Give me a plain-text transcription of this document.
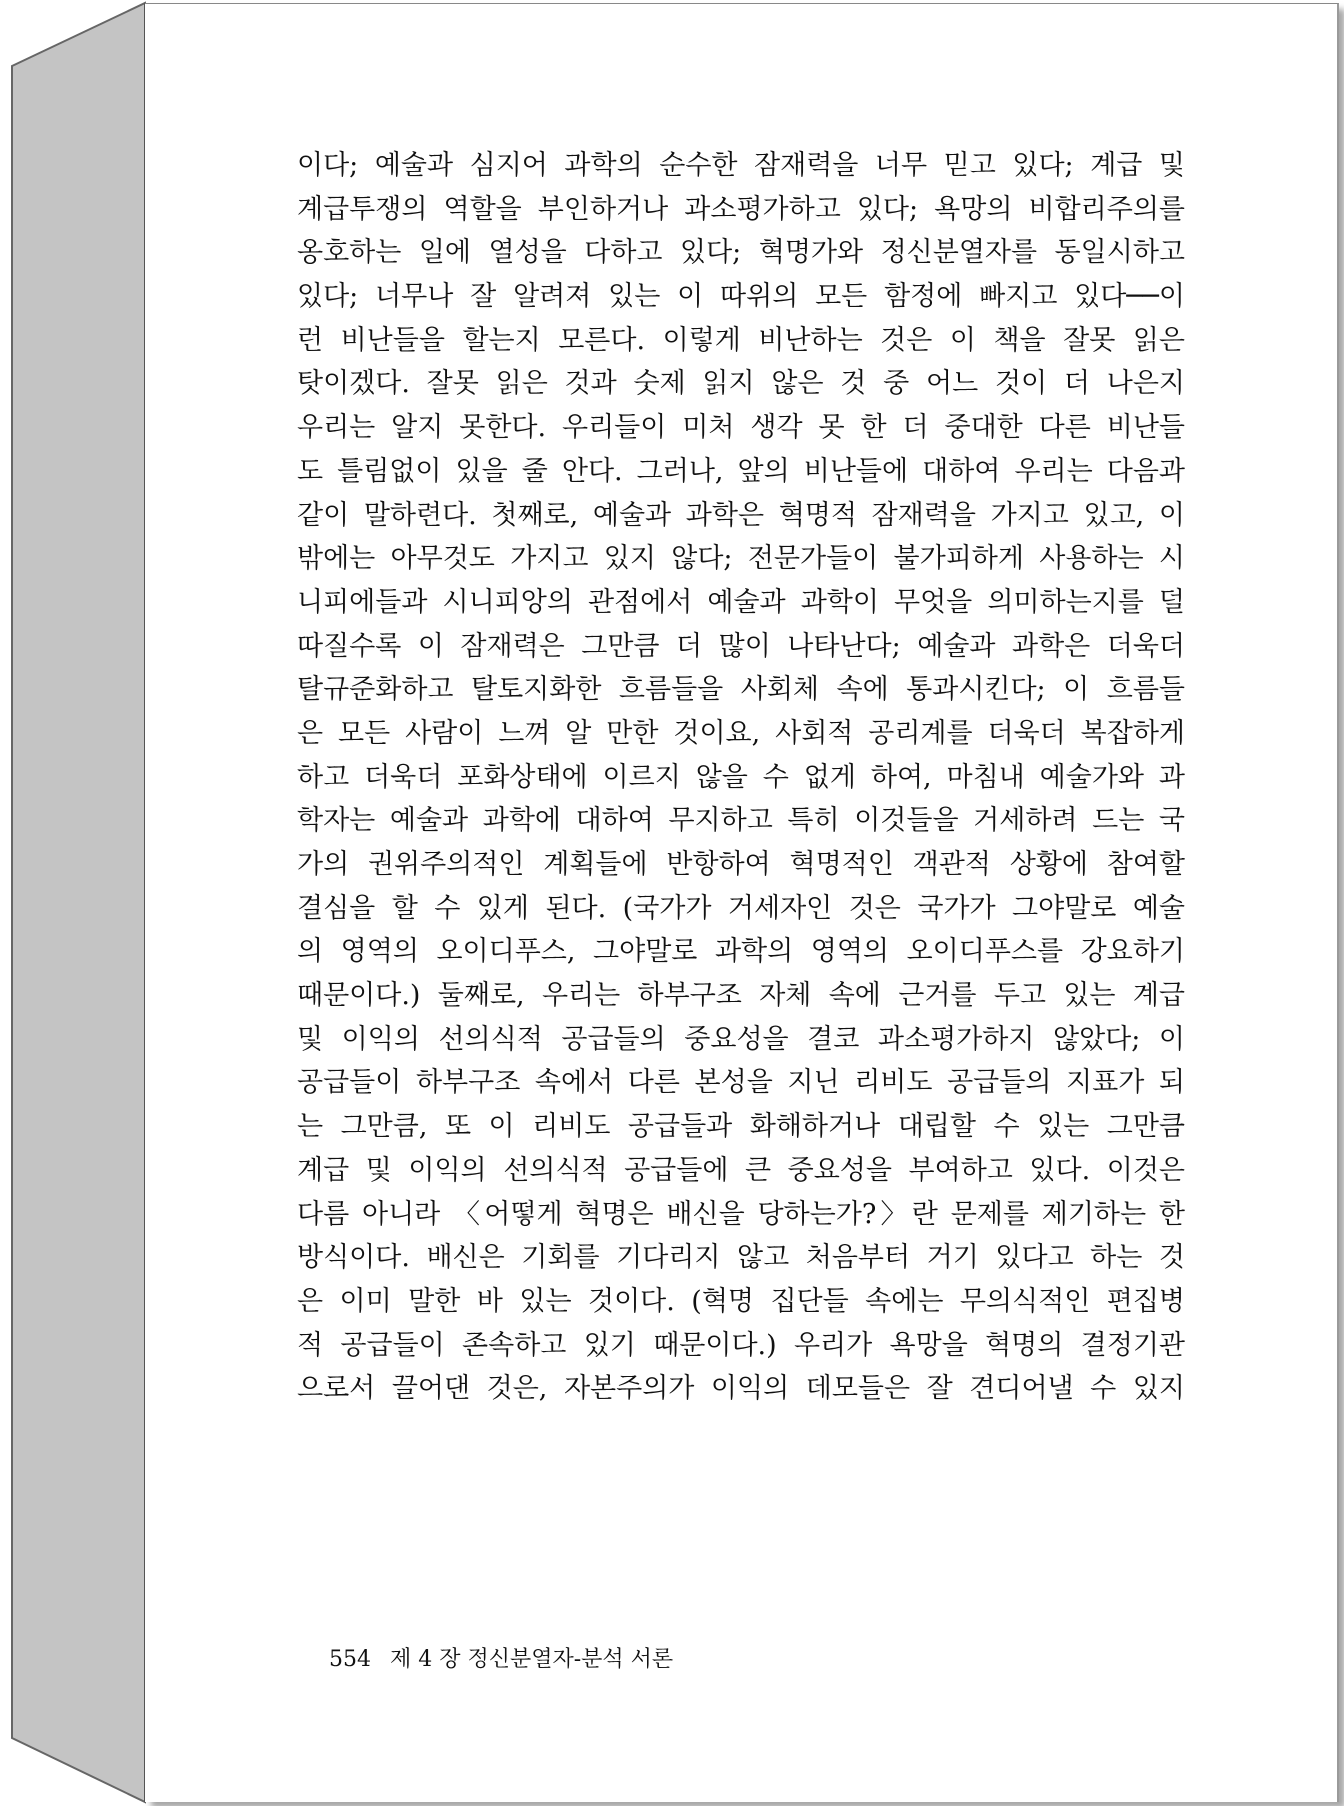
이다; 예술과 심지어 과학의 순수한 잠재력을 너무 믿고 있다; 계급 및
계급투쟁의 역할을 부인하거나 과소평가하고 있다; 욕망의 비합리주의를
옹호하는 일에 열성을 다하고 있다; 혁명가와 정신분열자를 동일시하고
있다; 너무나 잘 알려져 있는 이 따위의 모든 함정에 빠지고 있다──이
런 비난들을 할는지 모른다. 이렇게 비난하는 것은 이 책을 잘못 읽은
탓이겠다. 잘못 읽은 것과 숫제 읽지 않은 것 중 어느 것이 더 나은지
우리는 알지 못한다. 우리들이 미처 생각 못 한 더 중대한 다른 비난들
도 틀림없이 있을 줄 안다. 그러나, 앞의 비난들에 대하여 우리는 다음과
같이 말하련다. 첫째로, 예술과 과학은 혁명적 잠재력을 가지고 있고, 이
밖에는 아무것도 가지고 있지 않다; 전문가들이 불가피하게 사용하는 시
니피에들과 시니피앙의 관점에서 예술과 과학이 무엇을 의미하는지를 덜
따질수록 이 잠재력은 그만큼 더 많이 나타난다; 예술과 과학은 더욱더
탈규준화하고 탈토지화한 흐름들을 사회체 속에 통과시킨다; 이 흐름들
은 모든 사람이 느껴 알 만한 것이요, 사회적 공리계를 더욱더 복잡하게
하고 더욱더 포화상태에 이르지 않을 수 없게 하여, 마침내 예술가와 과
학자는 예술과 과학에 대하여 무지하고 특히 이것들을 거세하려 드는 국
가의 권위주의적인 계획들에 반항하여 혁명적인 객관적 상황에 참여할
결심을 할 수 있게 된다. (국가가 거세자인 것은 국가가 그야말로 예술
의 영역의 오이디푸스, 그야말로 과학의 영역의 오이디푸스를 강요하기
때문이다.) 둘째로, 우리는 하부구조 자체 속에 근거를 두고 있는 계급
및 이익의 선의식적 공급들의 중요성을 결코 과소평가하지 않았다; 이
공급들이 하부구조 속에서 다른 본성을 지닌 리비도 공급들의 지표가 되
는 그만큼, 또 이 리비도 공급들과 화해하거나 대립할 수 있는 그만큼
계급 및 이익의 선의식적 공급들에 큰 중요성을 부여하고 있다. 이것은
다름 아니라 〈어떻게 혁명은 배신을 당하는가?〉란 문제를 제기하는 한
방식이다. 배신은 기회를 기다리지 않고 처음부터 거기 있다고 하는 것
은 이미 말한 바 있는 것이다. (혁명 집단들 속에는 무의식적인 편집병
적 공급들이 존속하고 있기 때문이다.) 우리가 욕망을 혁명의 결정기관
으로서 끌어댄 것은, 자본주의가 이익의 데모들은 잘 견디어낼 수 있지
554 제 4 장 정신분열자-분석 서론
